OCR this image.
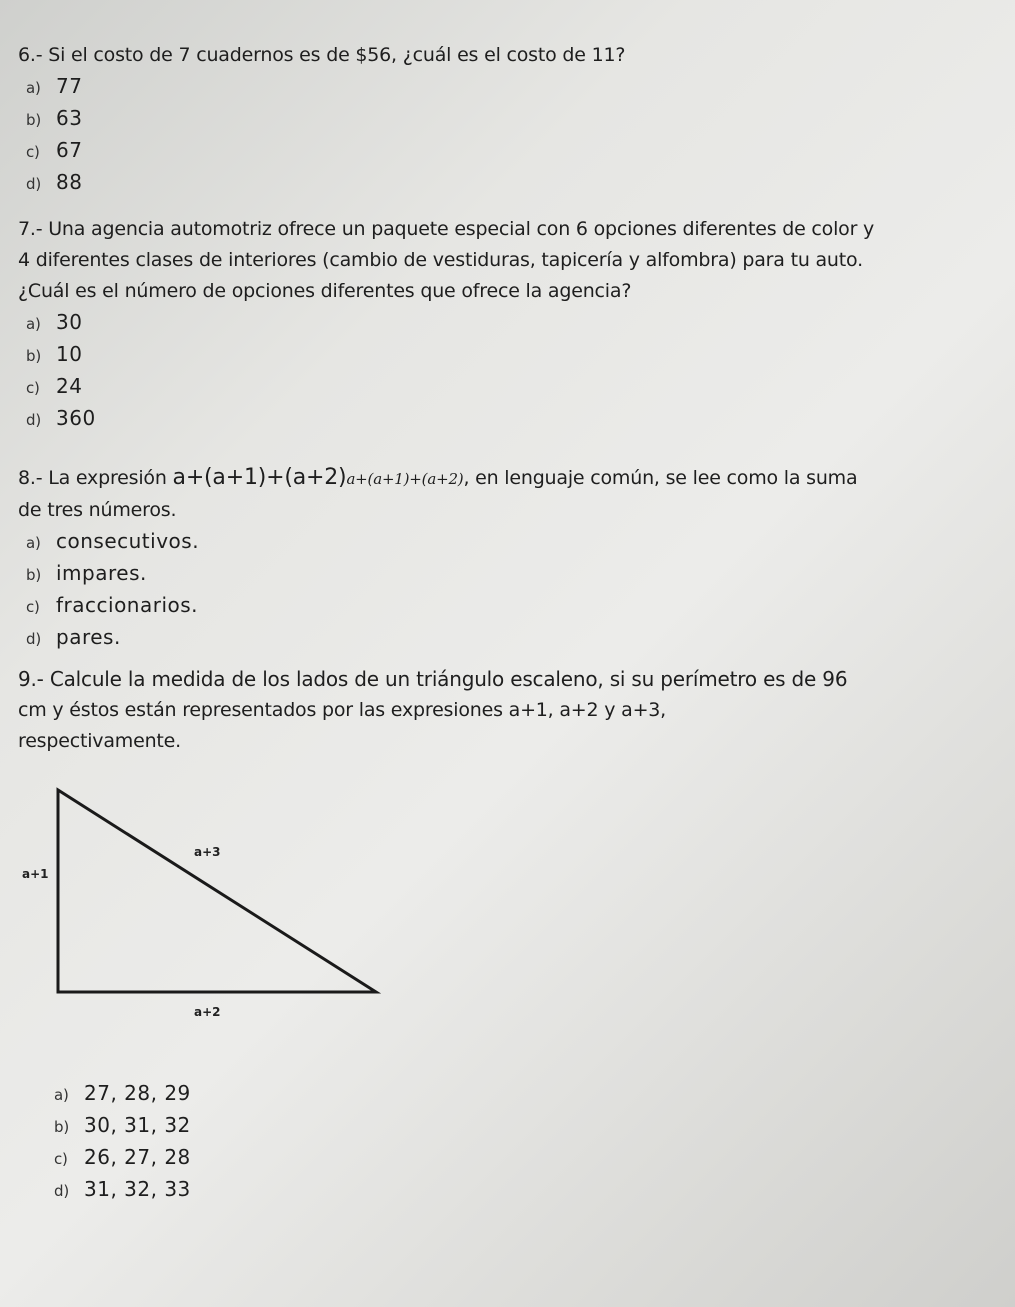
6.- Si el costo de 7 cuadernos es de $56, ¿cuál es el costo de 11?

a) 77
b) 63
c) 67
d) 88

7.- Una agencia automotriz ofrece un paquete especial con 6 opciones diferentes de color y

4 diferentes clases de interiores (cambio de vestiduras, tapicería y alfombra) para tu auto.

¿Cuál es el número de opciones diferentes que ofrece la agencia?

a) 30
b) 10
c) 24
d) 360

8.- La expresión a+(a+1)+(a+2)a+(a+1)+(a+2), en lenguaje común, se lee como la suma

de tres números.

a) consecutivos.
b) impares.
c) fraccionarios.
d) pares.

9.- Calcule la medida de los lados de un triángulo escaleno, si su perímetro es de 96

cm y éstos están representados por las expresiones a+1, a+2 y a+3,

respectivamente.

a+1
a+3
a+2
a) 27, 28, 29
b) 30, 31, 32
c) 26, 27, 28
d) 31, 32, 33
